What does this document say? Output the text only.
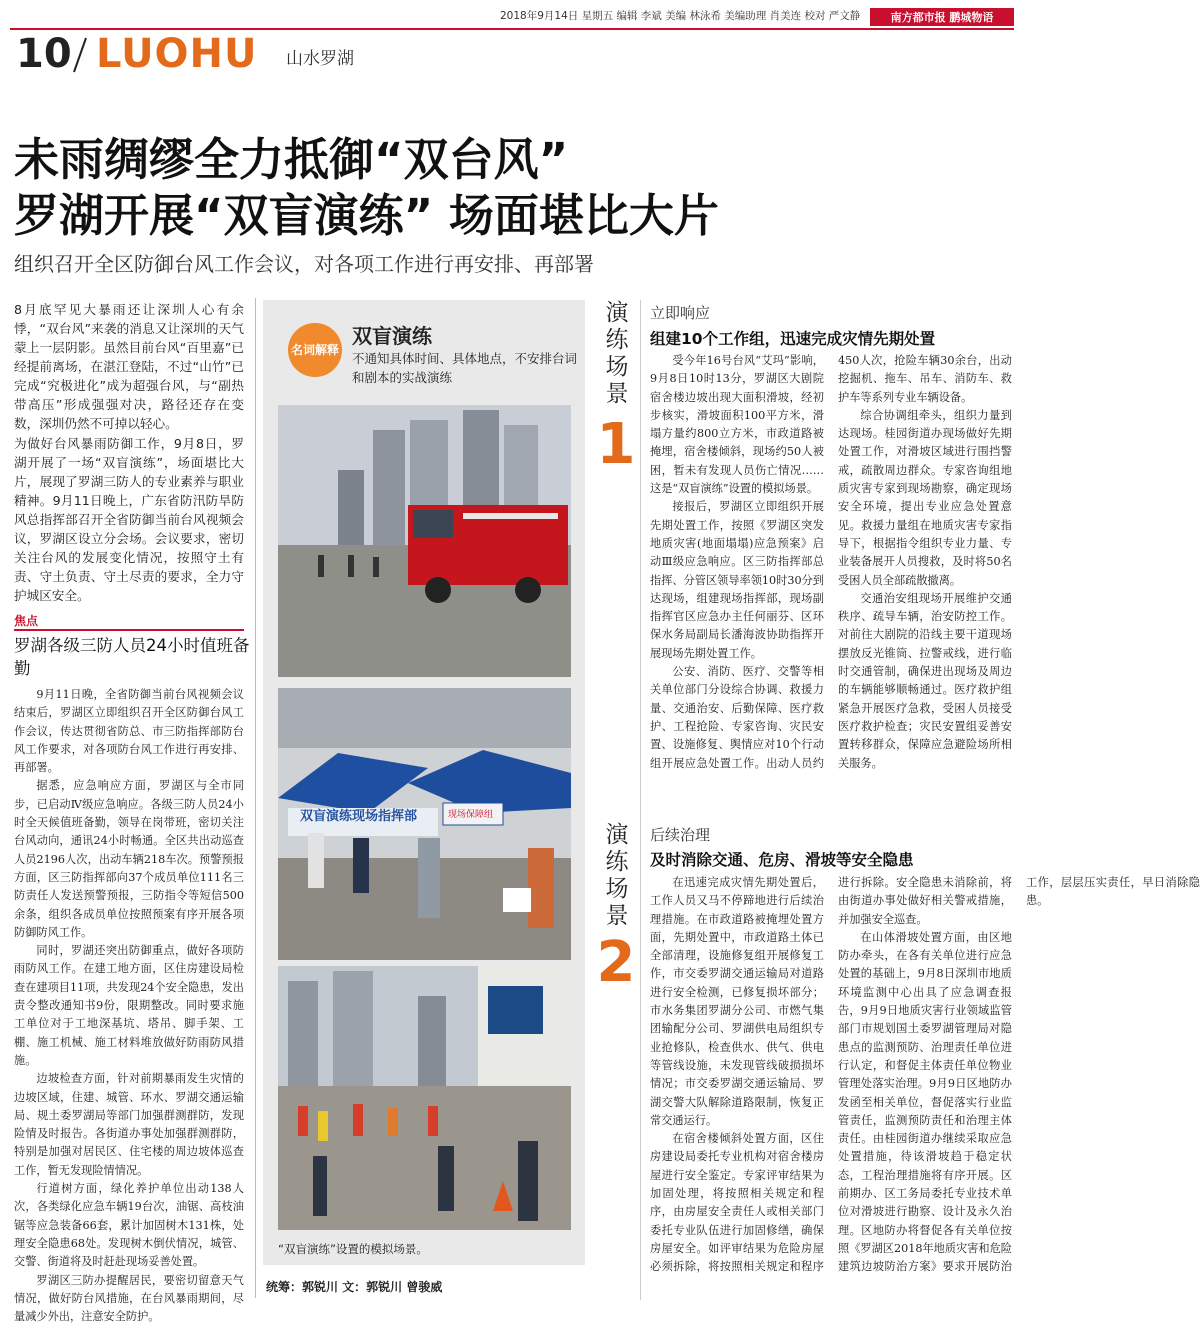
2018年9月14日 星期五 编辑 李斌 美编 林泳希 美编助理 肖美连 校对 严文静	南方都市报 鹏城物语
10 LUOHU 山水罗湖
未雨绸缪全力抵御“双台风”
罗湖开展“双盲演练” 场面堪比大片
组织召开全区防御台风工作会议，对各项工作进行再安排、再部署

8月底罕见大暴雨还让深圳人心有余悸，“双台风”来袭的消息又让深圳的天气蒙上一层阴影。虽然目前台风“百里嘉”已经提前离场，在湛江登陆，不过“山竹”已完成“究极进化”成为超强台风，与“副热带高压”形成强强对决，路径还存在变数，深圳仍然不可掉以轻心。

为做好台风暴雨防御工作，9月8日，罗湖开展了一场“双盲演练”，场面堪比大片，展现了罗湖三防人的专业素养与职业精神。9月11日晚上，广东省防汛防旱防风总指挥部召开全省防御当前台风视频会议，罗湖区设立分会场。会议要求，密切关注台风的发展变化情况，按照守土有责、守土负责、守土尽责的要求，全力守护城区安全。

焦点
罗湖各级三防人员24小时值班备勤

9月11日晚，全省防御当前台风视频会议结束后，罗湖区立即组织召开全区防御台风工作会议，传达贯彻省防总、市三防指挥部防台风工作要求，对各项防台风工作进行再安排、再部署。

据悉，应急响应方面，罗湖区与全市同步，已启动Ⅳ级应急响应。各级三防人员24小时全天候值班备勤，领导在岗带班，密切关注台风动向，通讯24小时畅通。全区共出动巡查人员2196人次，出动车辆218车次。预警预报方面，区三防指挥部向37个成员单位111名三防责任人发送预警预报，三防指令等短信500余条，组织各成员单位按照预案有序开展各项防御防风工作。

同时，罗湖还突出防御重点，做好各项防雨防风工作。在建工地方面，区住房建设局检查在建项目11项，共发现24个安全隐患，发出责令整改通知书9份，限期整改。同时要求施工单位对于工地深基坑、塔吊、脚手架、工棚、施工机械、施工材料堆放做好防雨防风措施。

边坡检查方面，针对前期暴雨发生灾情的边坡区域，住建、城管、环水、罗湖交通运输局、规土委罗湖局等部门加强群测群防，发现险情及时报告。各街道办事处加强群测群防，特别是加强对居民区、住宅楼的周边坡体巡查工作，暂无发现险情情况。

行道树方面，绿化养护单位出动138人次，各类绿化应急车辆19台次，油锯、高枝油锯等应急装备66套，累计加固树木131株，处理安全隐患68处。发现树木倒伏情况，城管、交警、街道将及时赶赴现场妥善处置。

罗湖区三防办提醒居民，要密切留意天气情况，做好防台风措施，在台风暴雨期间，尽量减少外出，注意安全防护。

名词解释
双盲演练
不通知具体时间、具体地点，不安排台词和剧本的实战演练
双盲演练现场指挥部	现场保障组
“双盲演练”设置的模拟场景。
统筹：郭锐川 文：郭锐川 曾骏威
演练场景
1
立即响应
组建10个工作组，迅速完成灾情先期处置

受今年16号台风“艾玛”影响，9月8日10时13分，罗湖区大剧院宿舍楼边坡出现大面积滑坡，经初步核实，滑坡面积100平方米，滑塌方量约800立方米，市政道路被掩埋，宿舍楼倾斜，现场约50人被困，暂未有发现人员伤亡情况……这是“双盲演练”设置的模拟场景。

接报后，罗湖区立即组织开展先期处置工作，按照《罗湖区突发地质灾害(地面塌塌)应急预案》启动Ⅲ级应急响应。区三防指挥部总指挥、分管区领导率领10时30分到达现场，组建现场指挥部，现场副指挥官区应急办主任何丽芬、区环保水务局副局长潘海波协助指挥开展现场先期处置工作。

公安、消防、医疗、交警等相关单位部门分设综合协调、救援力量、交通治安、后勤保障、医疗救护、工程抢险、专家咨询、灾民安置、设施修复、舆情应对10个行动组开展应急处置工作。出动人员约450人次，抢险车辆30余台，出动挖掘机、拖车、吊车、消防车、救护车等系列专业车辆设备。

综合协调组牵头，组织力量到达现场。桂园街道办现场做好先期处置工作，对滑坡区域进行围挡警戒，疏散周边群众。专家咨询组地质灾害专家到现场勘察，确定现场安全环境，提出专业应急处置意见。救援力量组在地质灾害专家指导下，根据指令组织专业力量、专业装备展开人员搜救，及时将50名受困人员全部疏散撤离。

交通治安组现场开展维护交通秩序、疏导车辆，治安防控工作。对前往大剧院的沿线主要干道现场摆放反光锥筒、拉警戒线，进行临时交通管制，确保进出现场及周边的车辆能够顺畅通过。医疗救护组紧急开展医疗急救，受困人员接受医疗救护检查；灾民安置组妥善安置转移群众，保障应急避险场所相关服务。

演练场景
2
后续治理
及时消除交通、危房、滑坡等安全隐患

在迅速完成灾情先期处置后，工作人员又马不停蹄地进行后续治理措施。在市政道路被掩埋处置方面，先期处置中，市政道路土体已全部清理，设施修复组开展修复工作，市交委罗湖交通运输局对道路进行安全检测，已修复损坏部分；市水务集团罗湖分公司、市燃气集团输配分公司、罗湖供电局组织专业抢修队，检查供水、供气、供电等管线设施，未发现管线破损损坏情况；市交委罗湖交通运输局、罗湖交警大队解除道路限制，恢复正常交通运行。

在宿舍楼倾斜处置方面，区住房建设局委托专业机构对宿舍楼房屋进行安全鉴定。专家评审结果为加固处理，将按照相关规定和程序，由房屋安全责任人或相关部门委托专业队伍进行加固修缮，确保房屋安全。如评审结果为危险房屋必须拆除，将按照相关规定和程序进行拆除。安全隐患未消除前，将由街道办事处做好相关警戒措施，并加强安全巡查。

在山体滑坡处置方面，由区地防办牵头，在各有关单位进行应急处置的基础上，9月8日深圳市地质环境监测中心出具了应急调查报告，9月9日地质灾害行业领域监管部门市规划国土委罗湖管理局对隐患点的监测预防、治理责任单位进行认定，和督促主体责任单位物业管理处落实治理。9月9日区地防办发函至相关单位，督促落实行业监管责任，监测预防责任和治理主体责任。由桂园街道办继续采取应急处置措施，待该滑坡趋于稳定状态，工程治理措施将有序开展。区前期办、区工务局委托专业技术单位对滑坡进行勘察、设计及永久治理。区地防办将督促各有关单位按照《罗湖区2018年地质灾害和危险建筑边坡防治方案》要求开展防治工作，层层压实责任，早日消除隐患。
